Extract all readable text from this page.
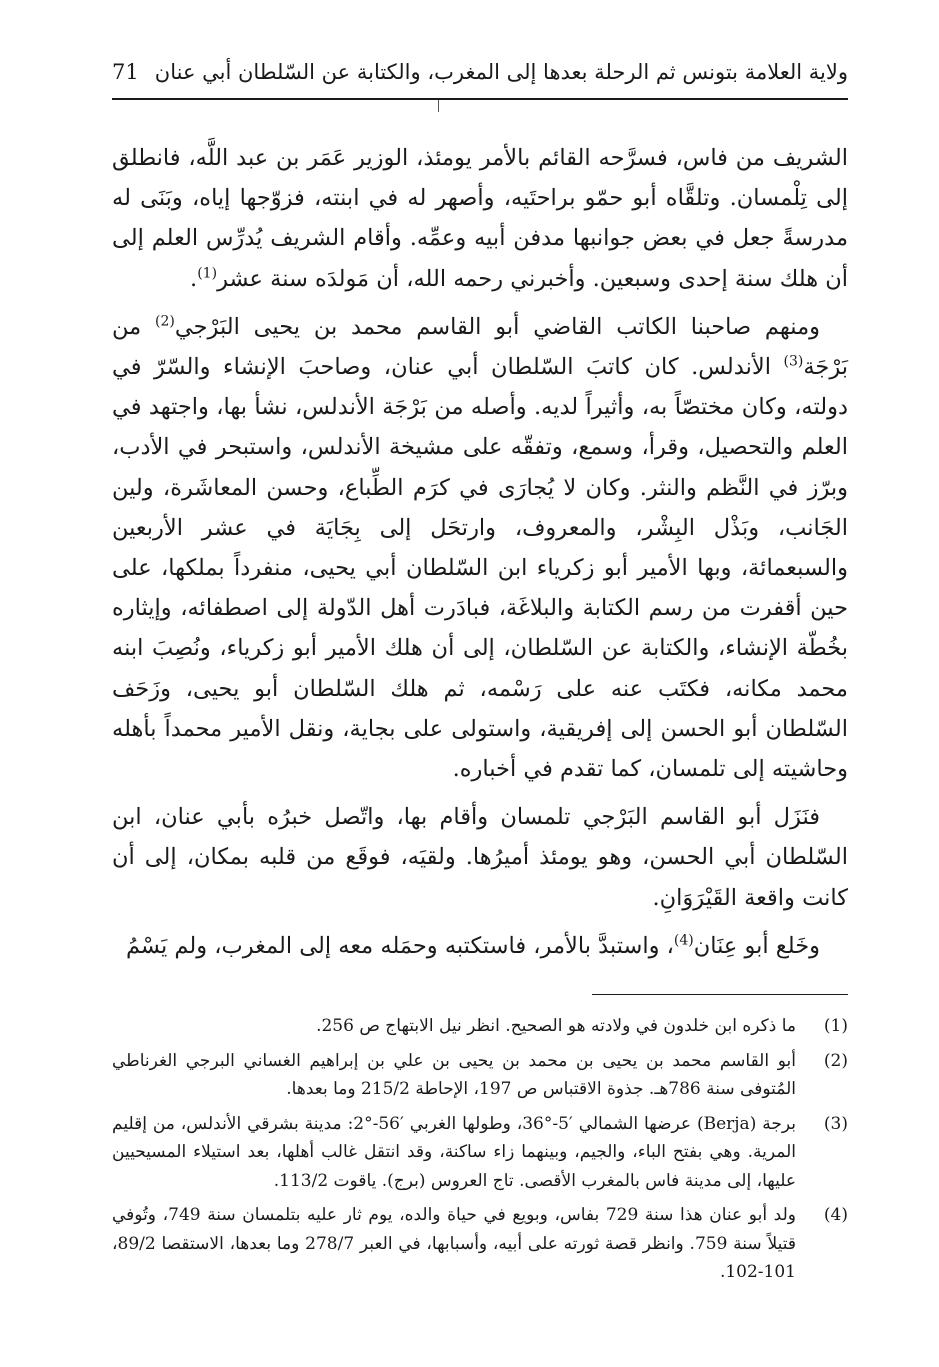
ولاية العلامة بتونس ثم الرحلة بعدها إلى المغرب، والكتابة عن السّلطان أبي عنان
71

الشريف من فاس، فسرَّحه القائم بالأمر يومئذ، الوزير عَمَر بن عبد اللَّه، فانطلق إلى تِلْمسان. وتلقَّاه أبو حمّو براحتَيه، وأصهر له في ابنته، فزوّجها إياه، وبَنَى له مدرسةً جعل في بعض جوانبها مدفن أبيه وعمِّه. وأقام الشريف يُدرِّس العلم إلى أن هلك سنة إحدى وسبعين. وأخبرني رحمه الله، أن مَولدَه سنة عشر$^{(1)}$.

ومنهم صاحبنا الكاتب القاضي أبو القاسم محمد بن يحيى البَرْجي$^{(2)}$ من بَرْجَة$^{(3)}$ الأندلس. كان كاتبَ السّلطان أبي عنان، وصاحبَ الإنشاء والسّرّ في دولته، وكان مختصّاً به، وأثيراً لديه. وأصله من بَرْجَة الأندلس، نشأ بها، واجتهد في العلم والتحصيل، وقرأ، وسمع، وتفقّه على مشيخة الأندلس، واستبحر في الأدب، وبرّز في النَّظم والنثر. وكان لا يُجارَى في كرَم الطِّباع، وحسن المعاشَرة، ولين الجَانب، وبَذْل البِشْر، والمعروف، وارتحَل إلى بِجَايَة في عشر الأربعين والسبعمائة، وبها الأمير أبو زكرياء ابن السّلطان أبي يحيى، منفرداً بملكها، على حين أقفرت من رسم الكتابة والبلاغَة، فبادَرت أهل الدّولة إلى اصطفائه، وإيثاره بخُطّة الإنشاء، والكتابة عن السّلطان، إلى أن هلك الأمير أبو زكرياء، ونُصِبَ ابنه محمد مكانه، فكتَب عنه على رَسْمه، ثم هلك السّلطان أبو يحيى، وزَحَف السّلطان أبو الحسن إلى إفريقية، واستولى على بجاية، ونقل الأمير محمداً بأهله وحاشيته إلى تلمسان، كما تقدم في أخباره.

فنَزَل أبو القاسم البَرْجي تلمسان وأقام بها، واتّصل خبرُه بأبي عنان، ابن السّلطان أبي الحسن، وهو يومئذ أميرُها. ولقيَه، فوقَع من قلبه بمكان، إلى أن كانت واقعة القَيْرَوَانِ.

وخَلع أبو عِنَان$^{(4)}$، واستبدَّ بالأمر، فاستكتبه وحمَله معه إلى المغرب، ولم يَسْمُ

(1)
ما ذكره ابن خلدون في ولادته هو الصحيح. انظر نيل الابتهاج ص 256.
(2)
أبو القاسم محمد بن يحيى بن محمد بن يحيى بن علي بن إبراهيم الغساني البرجي الغرناطي المُتوفى سنة 786هـ. جذوة الاقتباس ص 197، الإحاطة 215/2 وما بعدها.
(3)
برجة (Berja) عرضها الشمالي ‎36°-5′‎، وطولها الغربي ‎2°-56′‎: مدينة بشرقي الأندلس، من إقليم المرية. وهي بفتح الباء، والجيم، وبينهما زاء ساكنة، وقد انتقل غالب أهلها، بعد استيلاء المسيحيين عليها، إلى مدينة فاس بالمغرب الأقصى. تاج العروس (برج). ياقوت 113/2.
(4)
ولد أبو عنان هذا سنة 729 بفاس، وبويع في حياة والده، يوم ثار عليه بتلمسان سنة 749، وتُوفي قتيلاً سنة 759. وانظر قصة ثورته على أبيه، وأسبابها، في العبر 278/7 وما بعدها، الاستقصا 89/2، 101-102.
